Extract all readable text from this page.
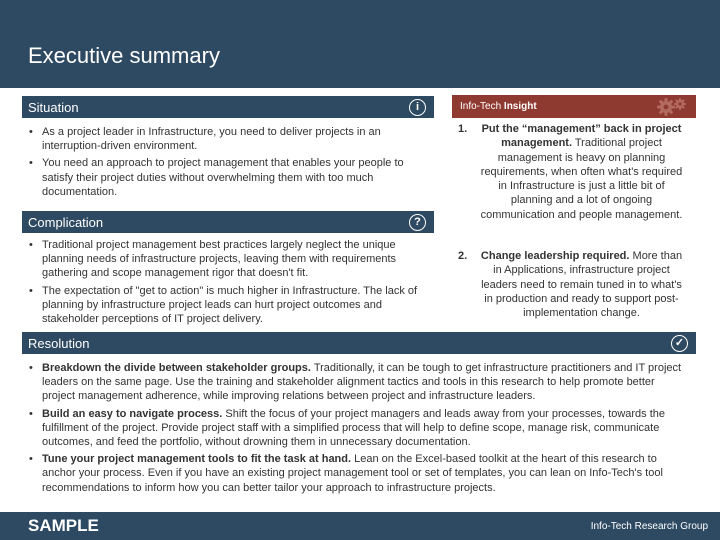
Executive summary
Situation	i
• As a project leader in Infrastructure, you need to deliver projects in an interruption-driven environment.
• You need an approach to project management that enables your people to satisfy their project duties without overwhelming them with too much documentation.
Complication	?
• Traditional project management best practices largely neglect the unique planning needs of infrastructure projects, leaving them with requirements gathering and scope management rigor that doesn't fit.
• The expectation of "get to action" is much higher in Infrastructure. The lack of planning by infrastructure project leads can hurt project outcomes and stakeholder perceptions of IT project delivery.
Info-Tech Insight
1.	Put the “management” back in project management. Traditional project management is heavy on planning requirements, when often what's required in Infrastructure is just a little bit of planning and a lot of ongoing communication and people management.
2.	Change leadership required. More than in Applications, infrastructure project leaders need to remain tuned in to what's in production and ready to support post-implementation change.
Resolution	✓
• Breakdown the divide between stakeholder groups. Traditionally, it can be tough to get infrastructure practitioners and IT project leaders on the same page. Use the training and stakeholder alignment tactics and tools in this research to help promote better project management adherence, while improving relations between project and infrastructure leaders.
• Build an easy to navigate process. Shift the focus of your project managers and leads away from your processes, towards the fulfillment of the project. Provide project staff with a simplified process that will help to define scope, manage risk, communicate outcomes, and feed the portfolio, without drowning them in unnecessary documentation.
• Tune your project management tools to fit the task at hand. Lean on the Excel-based toolkit at the heart of this research to anchor your process. Even if you have an existing project management tool or set of templates, you can lean on Info-Tech's tool recommendations to inform how you can better tailor your approach to infrastructure projects.
SAMPLE	Info-Tech Research Group
